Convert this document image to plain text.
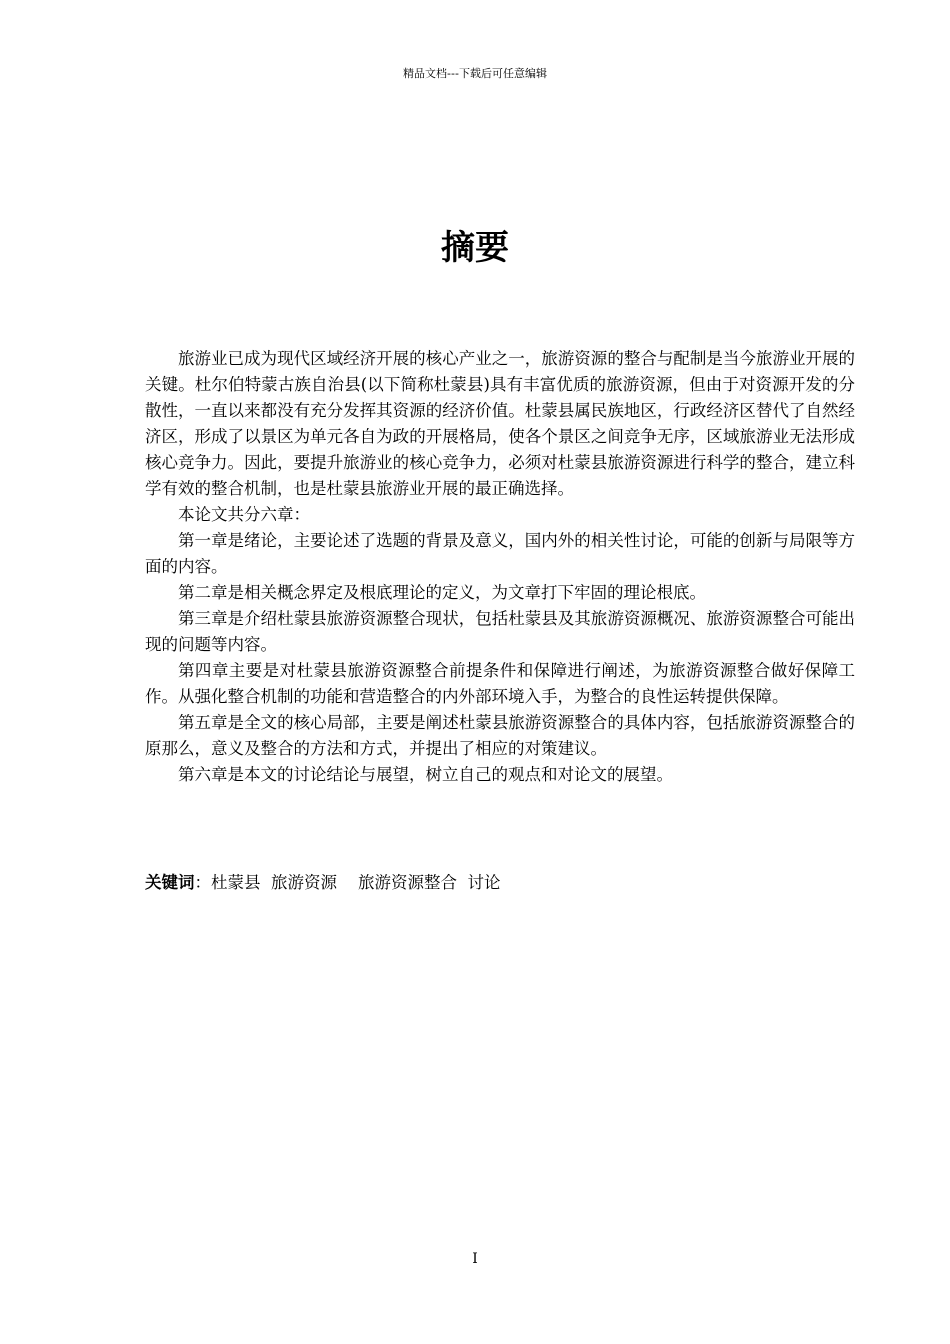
精品文档---下载后可任意编辑
摘要

旅游业已成为现代区域经济开展的核心产业之一，旅游资源的整合与配制是当今旅游业开展的关键。杜尔伯特蒙古族自治县(以下简称杜蒙县)具有丰富优质的旅游资源，但由于对资源开发的分散性，一直以来都没有充分发挥其资源的经济价值。杜蒙县属民族地区，行政经济区替代了自然经济区，形成了以景区为单元各自为政的开展格局，使各个景区之间竞争无序，区域旅游业无法形成核心竞争力。因此，要提升旅游业的核心竞争力，必须对杜蒙县旅游资源进行科学的整合，建立科学有效的整合机制，也是杜蒙县旅游业开展的最正确选择。

本论文共分六章：

第一章是绪论，主要论述了选题的背景及意义，国内外的相关性讨论，可能的创新与局限等方面的内容。

第二章是相关概念界定及根底理论的定义，为文章打下牢固的理论根底。

第三章是介绍杜蒙县旅游资源整合现状，包括杜蒙县及其旅游资源概况、旅游资源整合可能出现的问题等内容。

第四章主要是对杜蒙县旅游资源整合前提条件和保障进行阐述，为旅游资源整合做好保障工作。从强化整合机制的功能和营造整合的内外部环境入手，为整合的良性运转提供保障。

第五章是全文的核心局部，主要是阐述杜蒙县旅游资源整合的具体内容，包括旅游资源整合的原那么，意义及整合的方法和方式，并提出了相应的对策建议。

第六章是本文的讨论结论与展望，树立自己的观点和对论文的展望。

关键词：杜蒙县  旅游资源    旅游资源整合  讨论
I
